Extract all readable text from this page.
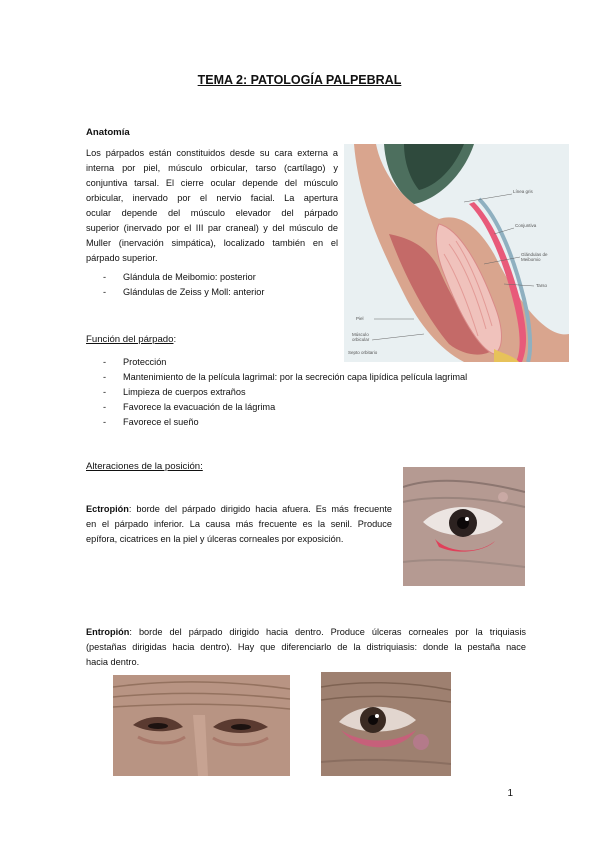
TEMA 2: PATOLOGÍA PALPEBRAL
Anatomía
Los párpados están constituidos desde su cara externa a
interna por piel, músculo orbicular, tarso (cartílago) y
conjuntiva tarsal. El cierre ocular depende del músculo
orbicular, inervado por el nervio facial. La apertura
ocular depende del músculo elevador del párpado
superior (inervado por el III par craneal) y del músculo de
Muller (inervación simpática), localizado también en el
párpado superior.
- Glándula de Meibomio: posterior
- Glándulas de Zeiss y Moll: anterior
Línea gris
Conjuntiva
Glándulas de
Meibomio
Tarso
Piel
Músculo
orbicular
Septo orbitario
Función del párpado:
- Protección
- Mantenimiento de la película lagrimal: por la secreción capa lipídica película lagrimal
- Limpieza de cuerpos extraños
- Favorece la evacuación de la lágrima
- Favorece el sueño
Alteraciones de la posición:
Ectropión: borde del párpado dirigido hacia afuera. Es más frecuente
en el párpado inferior. La causa más frecuente es la senil. Produce
epífora, cicatrices en la piel y úlceras corneales por exposición.
Entropión: borde del párpado dirigido hacia dentro. Produce úlceras corneales por la triquiasis
(pestañas dirigidas hacia dentro). Hay que diferenciarlo de la distriquiasis: donde la pestaña nace
hacia dentro.
1
